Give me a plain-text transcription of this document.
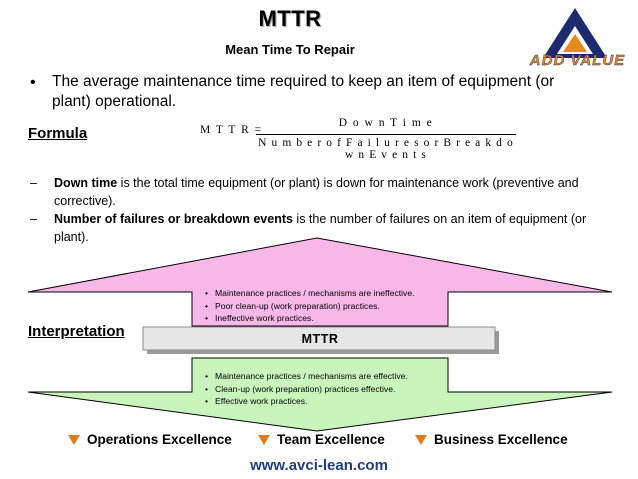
MTTR
Mean Time To Repair
ADD VALUE
• The average maintenance time required to keep an item of equipment (or plant) operational.
Formula	M T T R =
D o w n T i m e
N u m b e r o f F a i l u r e s o r B r e a k d o w n E v e n t s
– Down time is the total time equipment (or plant) is down for maintenance work (preventive and corrective).
– Number of failures or breakdown events is the number of failures on an item of equipment (or plant).
Interpretation
• Maintenance practices / mechanisms are ineffective.
• Poor clean-up (work preparation) practices.
• Ineffective work practices.
MTTR
• Maintenance practices / mechanisms are effective.
• Clean-up (work preparation) practices effective.
• Effective work practices.
Operations Excellence	Team Excellence	Business Excellence
www.avci-lean.com
